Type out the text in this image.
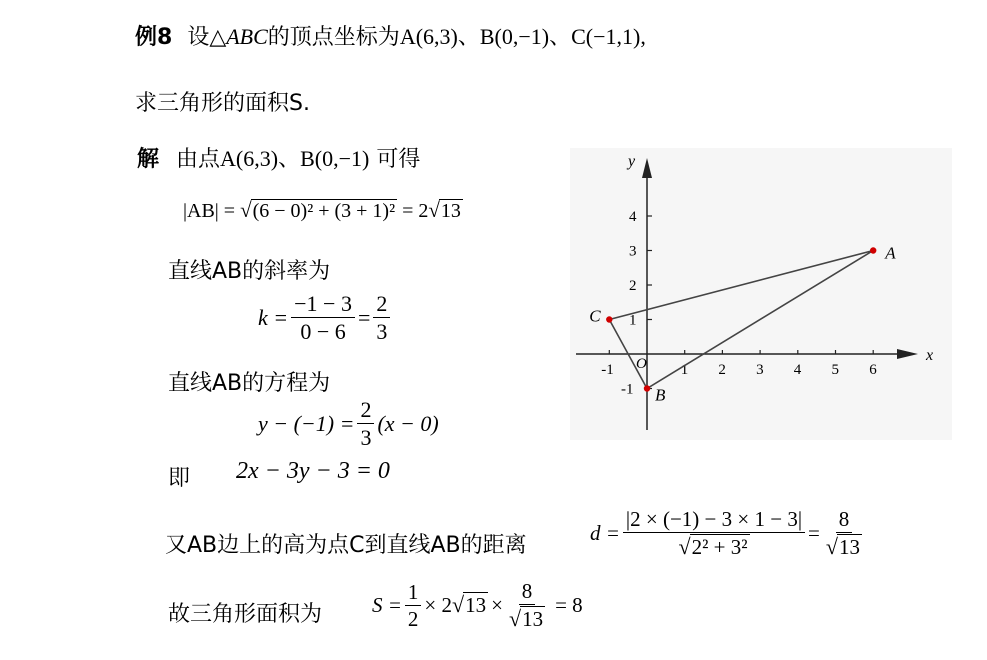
例8 设△ABC的顶点坐标为A(6,3)、B(0,−1)、C(−1,1),
求三角形的面积S.
解 由点A(6,3)、B(0,−1) 可得
|AB| = √(6 − 0)² + (3 + 1)² = 2√13
直线AB的斜率为
$k = \frac{-1 - 3}{0 - 6} = \frac{2}{3}$
直线AB的方程为
$y - (-1) = \frac{2}{3} (x - 0)$
即 2x − 3y − 3 = 0
又AB边上的高为点C到直线AB的距离
$d = \frac{|2 \times (-1) - 3 \times 1 - 3|}{\text{√2² + 3²}} = \frac{8}{√13}$
故三角形面积为 $S = \frac{1}{2} \times 2$ √ $13 \times \frac{8}{√13} = 8$
-1	1 2 3 4 5 6
4
3
2
1
-1
x
y
O
A
B
C
